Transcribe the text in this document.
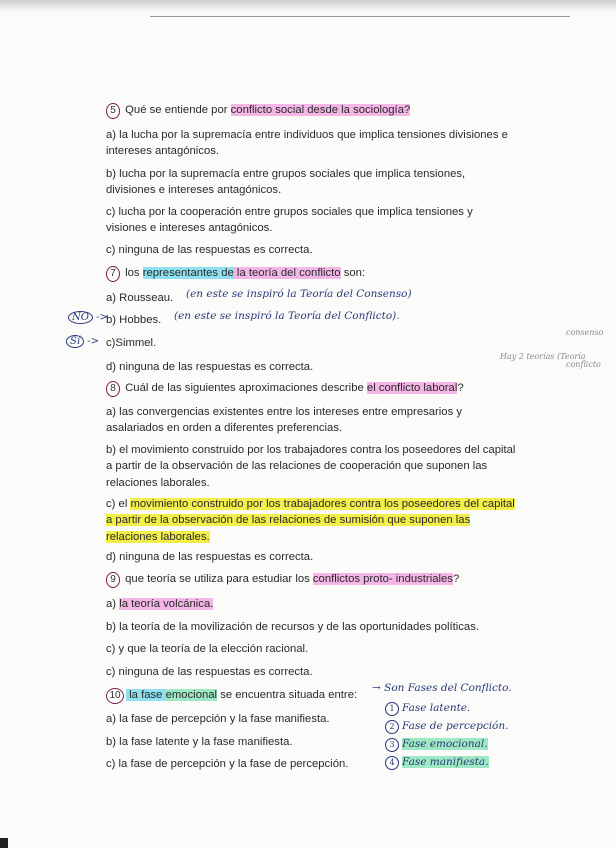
5 Qué se entiende por conflicto social desde la sociología?
a) la lucha por la supremacía entre individuos que implica tensiones divisiones e intereses antagónicos.
b) lucha por la supremacía entre grupos sociales que implica tensiones, divisiones e intereses antagónicos.
c) lucha por la cooperación entre grupos sociales que implica tensiones y visiones e intereses antagónicos.
c) ninguna de las respuestas es correcta.
7 los representantes de la teoría del conflicto son:
a) Rousseau.
b) Hobbes.
c)Simmel.
d) ninguna de las respuestas es correcta.
8 Cuál de las siguientes aproximaciones describe el conflicto laboral?
a) las convergencias existentes entre los intereses entre empresarios y asalariados en orden a diferentes preferencias.
b) el movimiento construido por los trabajadores contra los poseedores del capital a partir de la observación de las relaciones de cooperación que suponen las relaciones laborales.
c) el movimiento construido por los trabajadores contra los poseedores del capital a partir de la observación de las relaciones de sumisión que suponen las relaciones laborales.
d) ninguna de las respuestas es correcta.
9 que teoría se utiliza para estudiar los conflictos proto- industriales?
a) la teoría volcánica.
b) la teoría de la movilización de recursos y de las oportunidades políticas.
c) y que la teoría de la elección racional.
c) ninguna de las respuestas es correcta.
10 la fase emocional se encuentra situada entre:
a) la fase de percepción y la fase manifiesta.
b) la fase latente y la fase manifiesta.
c) la fase de percepción y la fase de percepción.
(en este se inspiró la Teoría del Consenso)
(en este se inspiró la Teoría del Conflicto).
NO ->
Sí ->
Hay 2 teorías (Teoría
consenso
conflicto
→ Son Fases del Conflicto.
1 Fase latente.
2 Fase de percepción.
3 Fase emocional.
4 Fase manifiesta.
